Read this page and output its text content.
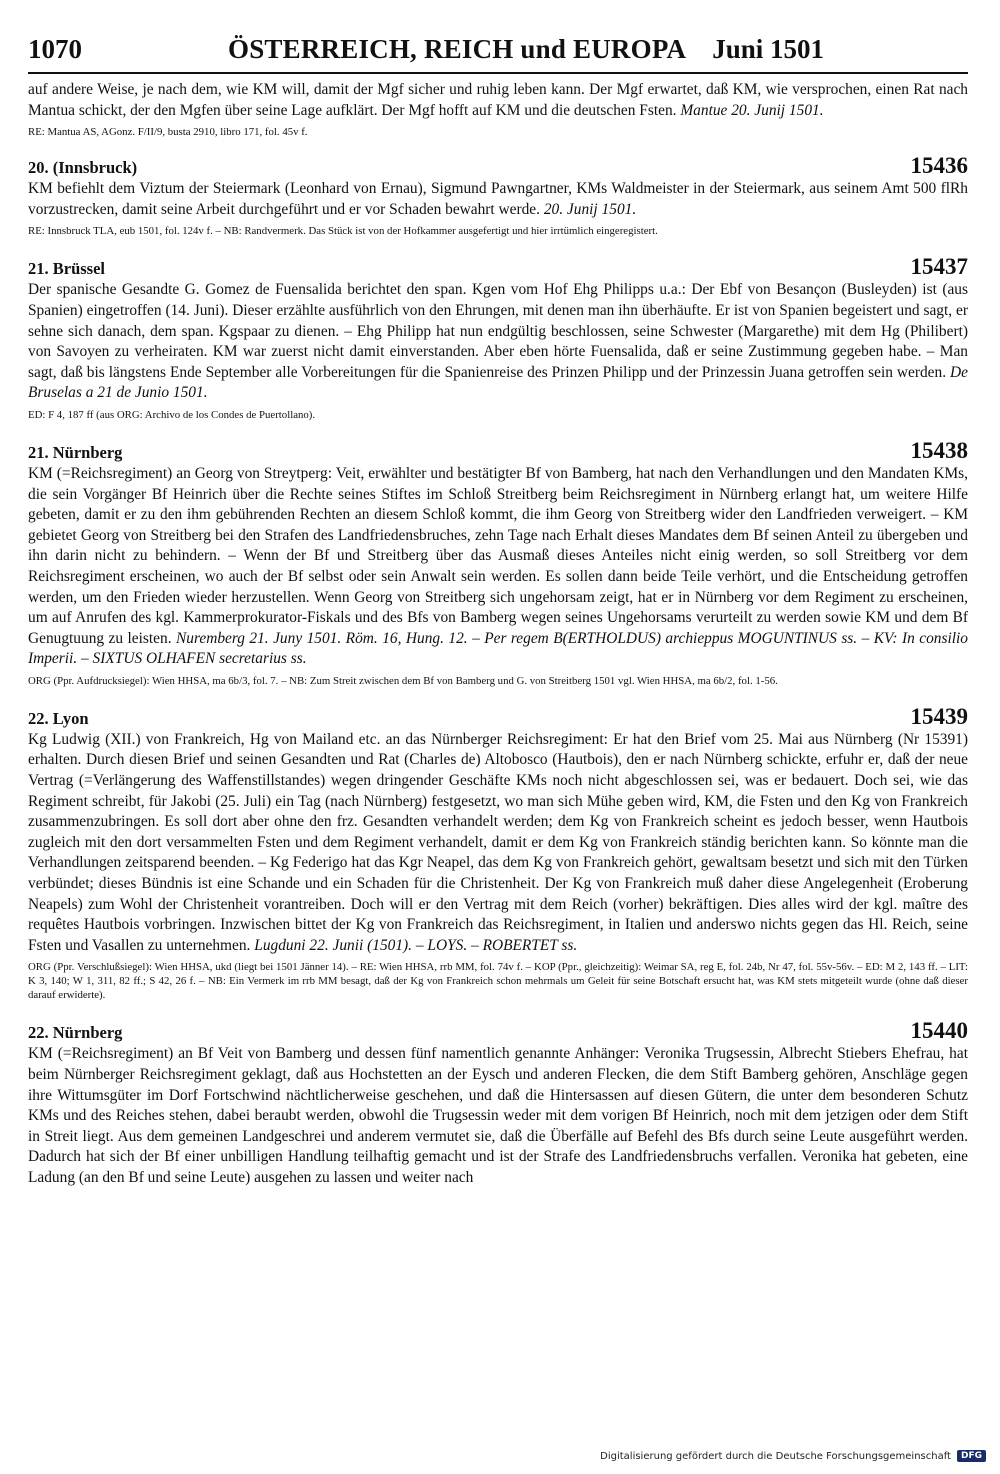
1070	ÖSTERREICH, REICH und EUROPA Juni 1501

auf andere Weise, je nach dem, wie KM will, damit der Mgf sicher und ruhig leben kann. Der Mgf erwartet, daß KM, wie versprochen, einen Rat nach Mantua schickt, der den Mgfen über seine Lage aufklärt. Der Mgf hofft auf KM und die deutschen Fsten. Mantue 20. Junij 1501.

RE: Mantua AS, AGonz. F/II/9, busta 2910, libro 171, fol. 45v f.

20. (Innsbruck)	15436

KM befiehlt dem Viztum der Steiermark (Leonhard von Ernau), Sigmund Pawngartner, KMs Waldmeister in der Steiermark, aus seinem Amt 500 flRh vorzustrecken, damit seine Arbeit durchgeführt und er vor Schaden bewahrt werde. 20. Junij 1501.

RE: Innsbruck TLA, eub 1501, fol. 124v f. – NB: Randvermerk. Das Stück ist von der Hofkammer ausgefertigt und hier irrtümlich eingeregistert.

21. Brüssel	15437

Der spanische Gesandte G. Gomez de Fuensalida berichtet den span. Kgen vom Hof Ehg Philipps u.a.: Der Ebf von Besançon (Busleyden) ist (aus Spanien) eingetroffen (14. Juni). Dieser erzählte ausführlich von den Ehrungen, mit denen man ihn überhäufte. Er ist von Spanien begeistert und sagt, er sehne sich danach, dem span. Kgspaar zu dienen. – Ehg Philipp hat nun endgültig beschlossen, seine Schwester (Margarethe) mit dem Hg (Philibert) von Savoyen zu verheiraten. KM war zuerst nicht damit einverstanden. Aber eben hörte Fuensalida, daß er seine Zustimmung gegeben habe. – Man sagt, daß bis längstens Ende September alle Vorbereitungen für die Spanienreise des Prinzen Philipp und der Prinzessin Juana getroffen sein werden. De Bruselas a 21 de Junio 1501.

ED: F 4, 187 ff (aus ORG: Archivo de los Condes de Puertollano).

21. Nürnberg	15438

KM (=Reichsregiment) an Georg von Streytperg: Veit, erwählter und bestätigter Bf von Bamberg, hat nach den Verhandlungen und den Mandaten KMs, die sein Vorgänger Bf Heinrich über die Rechte seines Stiftes im Schloß Streitberg beim Reichsregiment in Nürnberg erlangt hat, um weitere Hilfe gebeten, damit er zu den ihm gebührenden Rechten an diesem Schloß kommt, die ihm Georg von Streitberg wider den Landfrieden verweigert. – KM gebietet Georg von Streitberg bei den Strafen des Landfriedensbruches, zehn Tage nach Erhalt dieses Mandates dem Bf seinen Anteil zu übergeben und ihn darin nicht zu behindern. – Wenn der Bf und Streitberg über das Ausmaß dieses Anteiles nicht einig werden, so soll Streitberg vor dem Reichsregiment erscheinen, wo auch der Bf selbst oder sein Anwalt sein werden. Es sollen dann beide Teile verhört, und die Entscheidung getroffen werden, um den Frieden wieder herzustellen. Wenn Georg von Streitberg sich ungehorsam zeigt, hat er in Nürnberg vor dem Regiment zu erscheinen, um auf Anrufen des kgl. Kammerprokurator-Fiskals und des Bfs von Bamberg wegen seines Ungehorsams verurteilt zu werden sowie KM und dem Bf Genugtuung zu leisten. Nuremberg 21. Juny 1501. Röm. 16, Hung. 12. – Per regem B(ERTHOLDUS) archieppus MOGUNTINUS ss. – KV: In consilio Imperii. – SIXTUS OLHAFEN secretarius ss.

ORG (Ppr. Aufdrucksiegel): Wien HHSA, ma 6b/3, fol. 7. – NB: Zum Streit zwischen dem Bf von Bamberg und G. von Streitberg 1501 vgl. Wien HHSA, ma 6b/2, fol. 1-56.

22. Lyon	15439

Kg Ludwig (XII.) von Frankreich, Hg von Mailand etc. an das Nürnberger Reichsregiment: Er hat den Brief vom 25. Mai aus Nürnberg (Nr 15391) erhalten. Durch diesen Brief und seinen Gesandten und Rat (Charles de) Altobosco (Hautbois), den er nach Nürnberg schickte, erfuhr er, daß der neue Vertrag (=Verlängerung des Waffenstillstandes) wegen dringender Geschäfte KMs noch nicht abgeschlossen sei, was er bedauert. Doch sei, wie das Regiment schreibt, für Jakobi (25. Juli) ein Tag (nach Nürnberg) festgesetzt, wo man sich Mühe geben wird, KM, die Fsten und den Kg von Frankreich zusammenzubringen. Es soll dort aber ohne den frz. Gesandten verhandelt werden; dem Kg von Frankreich scheint es jedoch besser, wenn Hautbois zugleich mit den dort versammelten Fsten und dem Regiment verhandelt, damit er dem Kg von Frankreich ständig berichten kann. So könnte man die Verhandlungen zeitsparend beenden. – Kg Federigo hat das Kgr Neapel, das dem Kg von Frankreich gehört, gewaltsam besetzt und sich mit den Türken verbündet; dieses Bündnis ist eine Schande und ein Schaden für die Christenheit. Der Kg von Frankreich muß daher diese Angelegenheit (Eroberung Neapels) zum Wohl der Christenheit vorantreiben. Doch will er den Vertrag mit dem Reich (vorher) bekräftigen. Dies alles wird der kgl. maître des requêtes Hautbois vorbringen. Inzwischen bittet der Kg von Frankreich das Reichsregiment, in Italien und anderswo nichts gegen das Hl. Reich, seine Fsten und Vasallen zu unternehmen. Lugduni 22. Junii (1501). – LOYS. – ROBERTET ss.

ORG (Ppr. Verschlußsiegel): Wien HHSA, ukd (liegt bei 1501 Jänner 14). – RE: Wien HHSA, rrb MM, fol. 74v f. – KOP (Ppr., gleichzeitig): Weimar SA, reg E, fol. 24b, Nr 47, fol. 55v-56v. – ED: M 2, 143 ff. – LIT: K 3, 140; W 1, 311, 82 ff.; S 42, 26 f. – NB: Ein Vermerk im rrb MM besagt, daß der Kg von Frankreich schon mehrmals um Geleit für seine Botschaft ersucht hat, was KM stets mitgeteilt wurde (ohne daß dieser darauf erwiderte).

22. Nürnberg	15440

KM (=Reichsregiment) an Bf Veit von Bamberg und dessen fünf namentlich genannte Anhänger: Veronika Trugsessin, Albrecht Stiebers Ehefrau, hat beim Nürnberger Reichsregiment geklagt, daß aus Hochstetten an der Eysch und anderen Flecken, die dem Stift Bamberg gehören, Anschläge gegen ihre Wittumsgüter im Dorf Fortschwind nächtlicherweise geschehen, und daß die Hintersassen auf diesen Gütern, die unter dem besonderen Schutz KMs und des Reiches stehen, dabei beraubt werden, obwohl die Trugsessin weder mit dem vorigen Bf Heinrich, noch mit dem jetzigen oder dem Stift in Streit liegt. Aus dem gemeinen Landgeschrei und anderem vermutet sie, daß die Überfälle auf Befehl des Bfs durch seine Leute ausgeführt werden. Dadurch hat sich der Bf einer unbilligen Handlung teilhaftig gemacht und ist der Strafe des Landfriedensbruchs verfallen. Veronika hat gebeten, eine Ladung (an den Bf und seine Leute) ausgehen zu lassen und weiter nach

Digitalisierung gefördert durch die Deutsche Forschungsgemeinschaft	DFG
